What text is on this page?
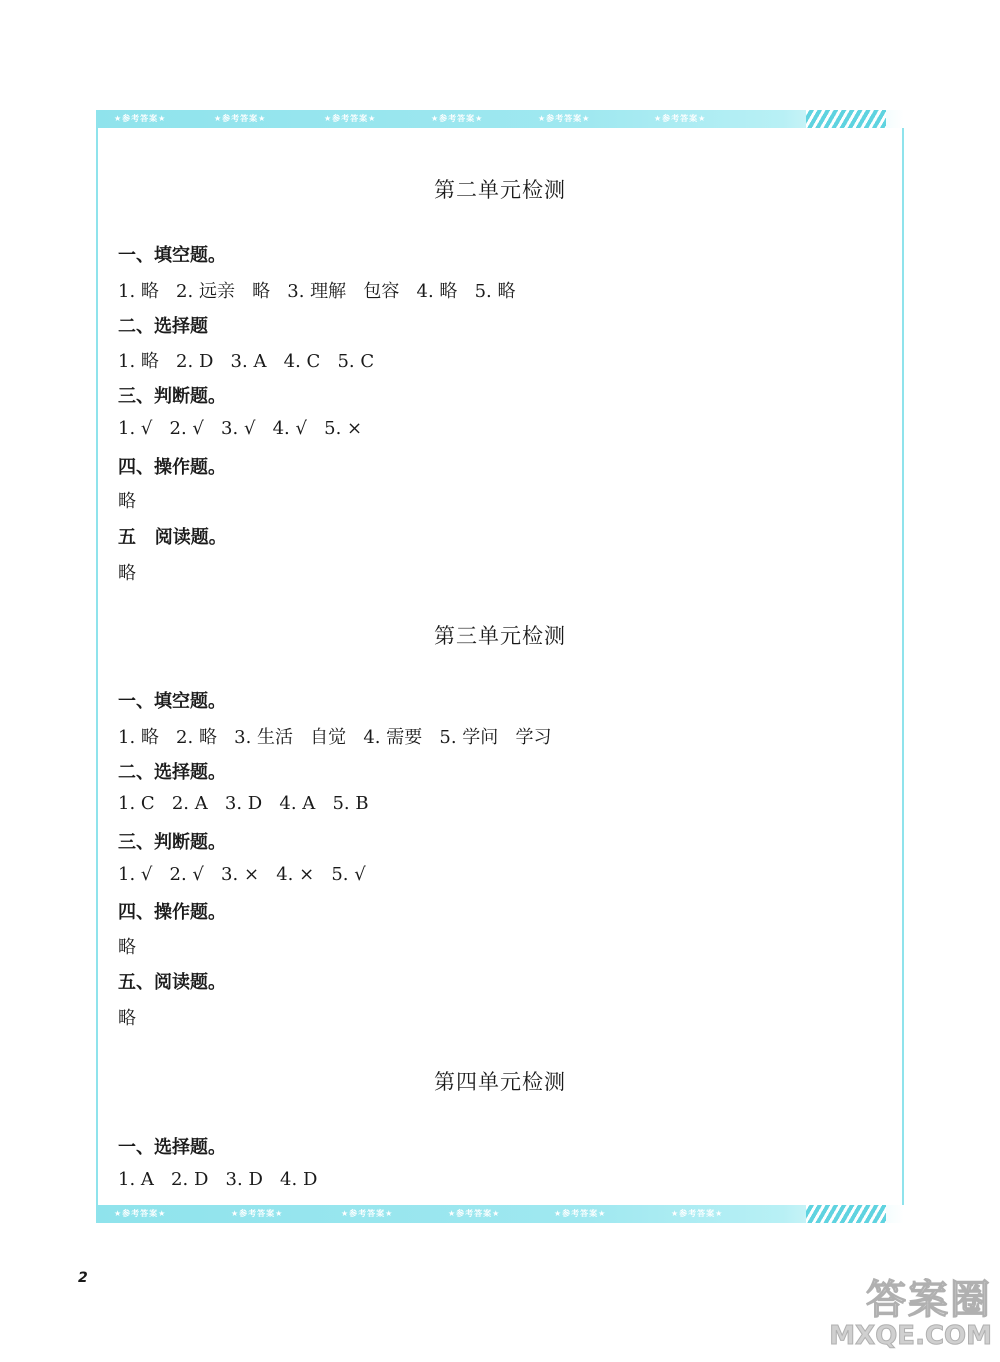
★参考答案★	★参考答案★	★参考答案★	★参考答案★	★参考答案★	★参考答案★
第二单元检测
一、填空题。
1. 略   2. 远亲   略   3. 理解   包容   4. 略   5. 略
二、选择题
1. 略   2. D   3. A   4. C   5. C
三、判断题。
1. √   2. √   3. √   4. √   5. ×
四、操作题。
略
五   阅读题。
略
第三单元检测
一、填空题。
1. 略   2. 略   3. 生活   自觉   4. 需要   5. 学问   学习
二、选择题。
1. C   2. A   3. D   4. A   5. B
三、判断题。
1. √   2. √   3. ×   4. ×   5. √
四、操作题。
略
五、阅读题。
略
第四单元检测
一、选择题。
1. A   2. D   3. D   4. D
★参考答案★	★参考答案★	★参考答案★	★参考答案★	★参考答案★	★参考答案★
2	答案圈
MXQE.COM
